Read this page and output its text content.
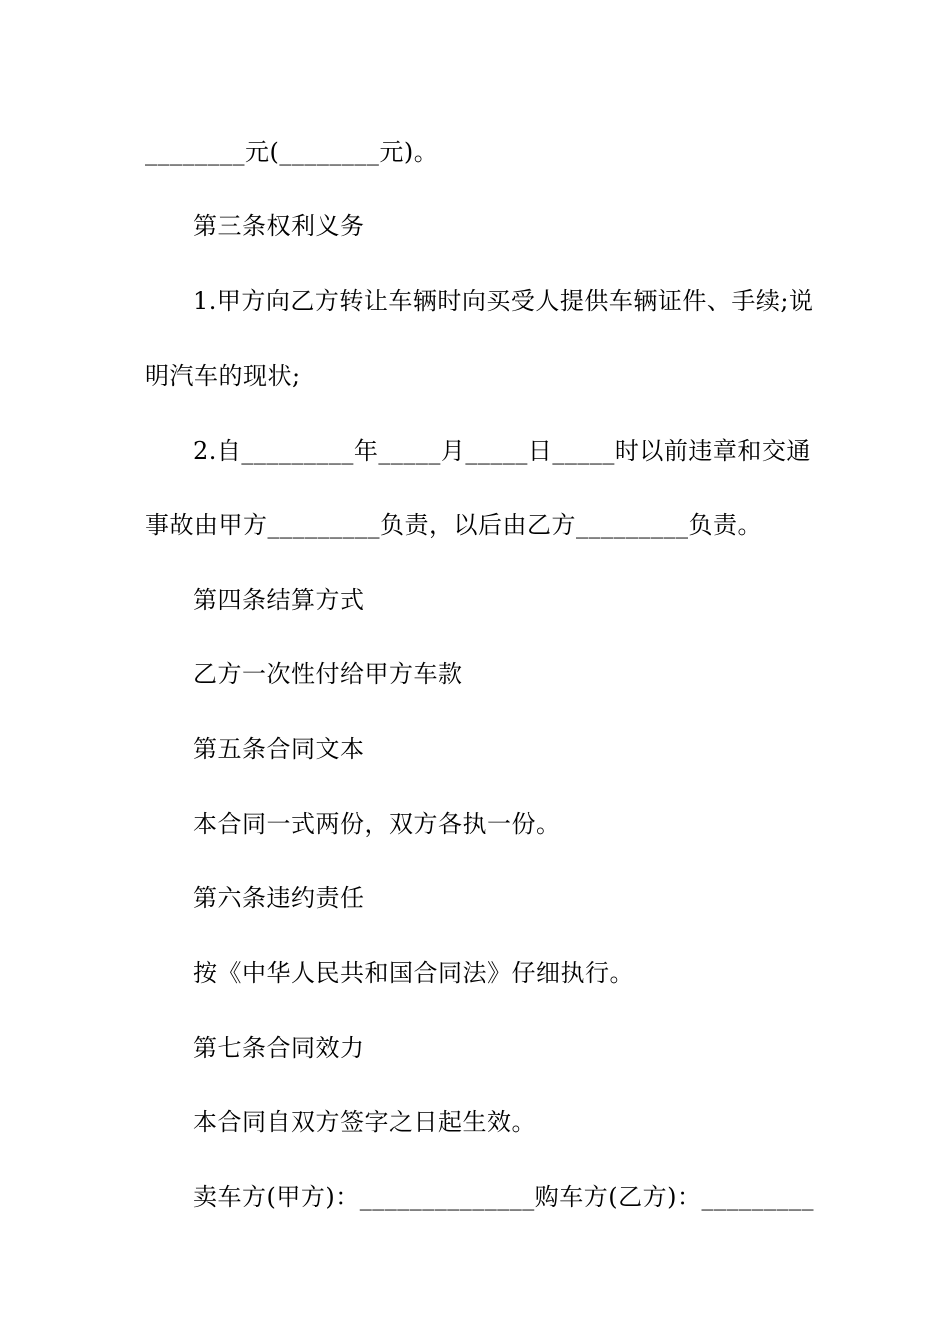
________元(________元)。
第三条权利义务
1.甲方向乙方转让车辆时向买受人提供车辆证件、手续;说
明汽车的现状;
2.自_________年_____月_____日_____时以前违章和交通
事故由甲方_________负责，以后由乙方_________负责。
第四条结算方式
乙方一次性付给甲方车款
第五条合同文本
本合同一式两份，双方各执一份。
第六条违约责任
按《中华人民共和国合同法》仔细执行。
第七条合同效力
本合同自双方签字之日起生效。
卖车方(甲方)：______________购车方(乙方)：_________
